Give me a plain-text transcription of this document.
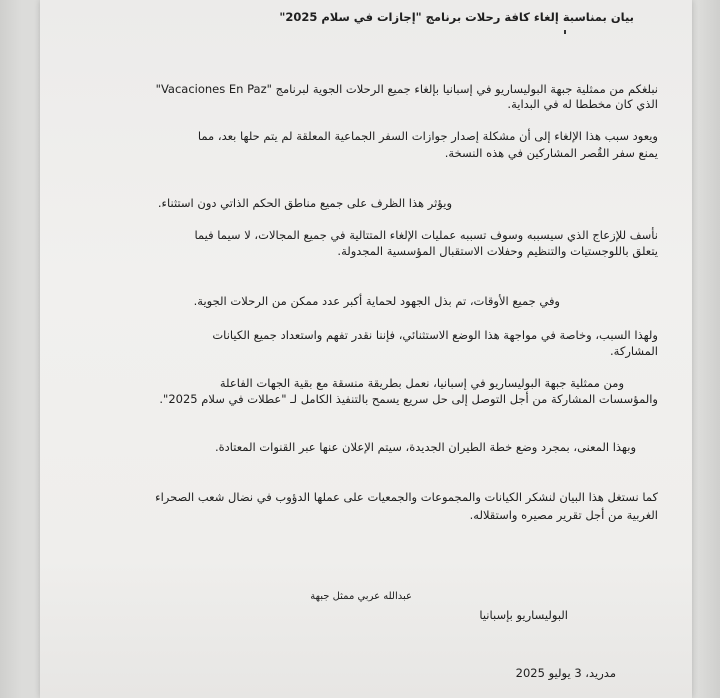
بيان بمناسبة إلغاء كافة رحلات برنامج "إجازات في سلام 2025"
نبلغكم من ممثلية جبهة البوليساريو في إسبانيا بإلغاء جميع الرحلات الجوية لبرنامج "Vacaciones En Paz"
الذي كان مخططا له في البداية.
ويعود سبب هذا الإلغاء إلى أن مشكلة إصدار جوازات السفر الجماعية المعلقة لم يتم حلها بعد، مما
يمنع سفر القُصر المشاركين في هذه النسخة.
ويؤثر هذا الظرف على جميع مناطق الحكم الذاتي دون استثناء.
نأسف للإزعاج الذي سيسببه وسوف تسببه عمليات الإلغاء المتتالية في جميع المجالات، لا سيما فيما
يتعلق باللوجستيات والتنظيم وحفلات الاستقبال المؤسسية المجدولة.
وفي جميع الأوقات، تم بذل الجهود لحماية أكبر عدد ممكن من الرحلات الجوية.
ولهذا السبب، وخاصة في مواجهة هذا الوضع الاستثنائي، فإننا نقدر تفهم واستعداد جميع الكيانات
المشاركة.
ومن ممثلية جبهة البوليساريو في إسبانيا، نعمل بطريقة منسقة مع بقية الجهات الفاعلة
والمؤسسات المشاركة من أجل التوصل إلى حل سريع يسمح بالتنفيذ الكامل لـ "عطلات في سلام 2025".
وبهذا المعنى، بمجرد وضع خطة الطيران الجديدة، سيتم الإعلان عنها عبر القنوات المعتادة.
كما نستغل هذا البيان لنشكر الكيانات والمجموعات والجمعيات على عملها الدؤوب في نضال شعب الصحراء
الغربية من أجل تقرير مصيره واستقلاله.
عبدالله عربي ممثل جبهة
البوليساريو بإسبانيا
مدريد، 3 يوليو 2025
